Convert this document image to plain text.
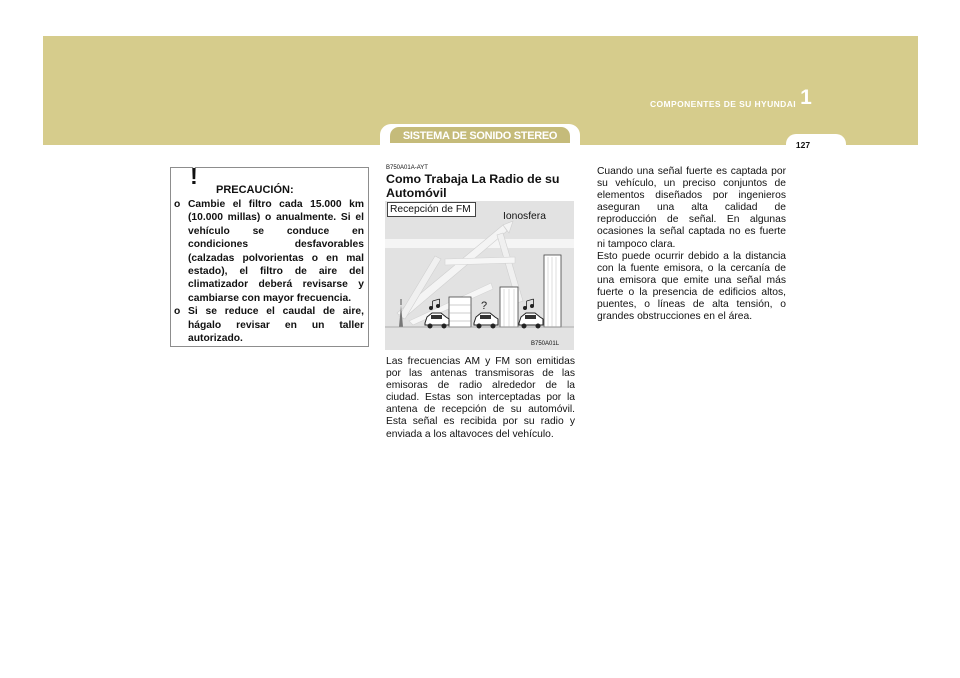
COMPONENTES DE SU HYUNDAI 1
127
SISTEMA DE SONIDO STEREO
!
PRECAUCIÓN:
o Cambie el filtro cada 15.000 km (10.000 millas) o anualmente. Si el vehículo se conduce en condiciones desfavorables (calzadas polvorientas o en mal estado), el filtro de aire del climatizador deberá revisarse y cambiarse con mayor frecuencia.
o Si se reduce el caudal de aire, hágalo revisar en un taller autorizado.
B750A01A-AYT
Como Trabaja La Radio de su Automóvil
?
Recepción de FM
Ionosfera
B750A01L

Las frecuencias AM y FM son emitidas por las antenas transmisoras de las emisoras de radio alrededor de la ciudad. Estas son interceptadas por la antena de recepción de su automóvil. Esta señal es recibida por su radio y enviada a los altavoces del vehículo.

Cuando una señal fuerte es captada por su vehículo, un preciso conjuntos de elementos diseñados por ingenieros aseguran una alta calidad de reproducción de señal. En algunas ocasiones la señal captada no es fuerte ni tampoco clara.

Esto puede ocurrir debido a la distancia con la fuente emisora, o la cercanía de una emisora que emite una señal más fuerte o la presencia de edificios altos, puentes, o líneas de alta tensión, o grandes obstrucciones en el área.
